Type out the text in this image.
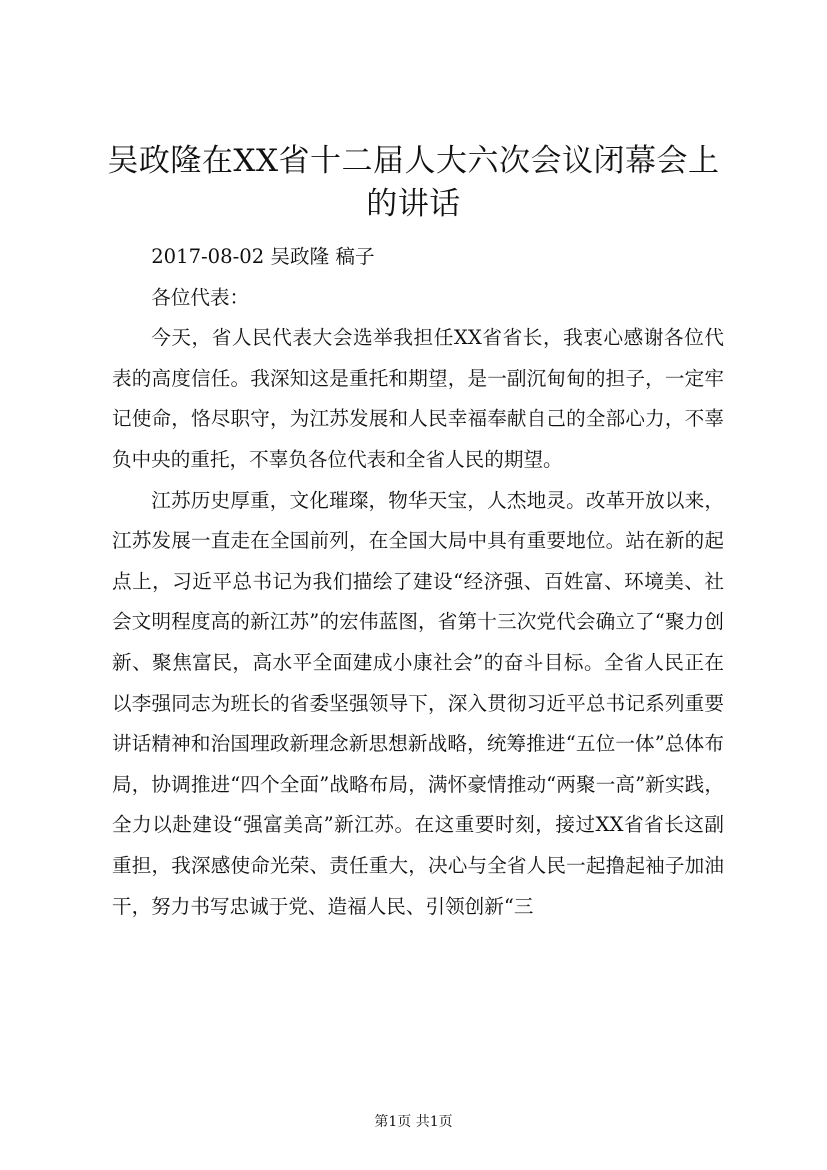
吴政隆在XX省十二届人大六次会议闭幕会上
的讲话

2017-08-02 吴政隆 稿子

各位代表：

今天，省人民代表大会选举我担任XX省省长，我衷心感谢各位代表的高度信任。我深知这是重托和期望，是一副沉甸甸的担子，一定牢记使命，恪尽职守，为江苏发展和人民幸福奉献自己的全部心力，不辜负中央的重托，不辜负各位代表和全省人民的期望。

江苏历史厚重，文化璀璨，物华天宝，人杰地灵。改革开放以来，江苏发展一直走在全国前列，在全国大局中具有重要地位。站在新的起点上，习近平总书记为我们描绘了建设“经济强、百姓富、环境美、社会文明程度高的新江苏”的宏伟蓝图，省第十三次党代会确立了“聚力创新、聚焦富民，高水平全面建成小康社会”的奋斗目标。全省人民正在以李强同志为班长的省委坚强领导下，深入贯彻习近平总书记系列重要讲话精神和治国理政新理念新思想新战略，统筹推进“五位一体”总体布局，协调推进“四个全面”战略布局，满怀豪情推动“两聚一高”新实践，全力以赴建设“强富美高”新江苏。在这重要时刻，接过XX省省长这副重担，我深感使命光荣、责任重大，决心与全省人民一起撸起袖子加油干，努力书写忠诚于党、造福人民、引领创新“三

第1页 共1页
